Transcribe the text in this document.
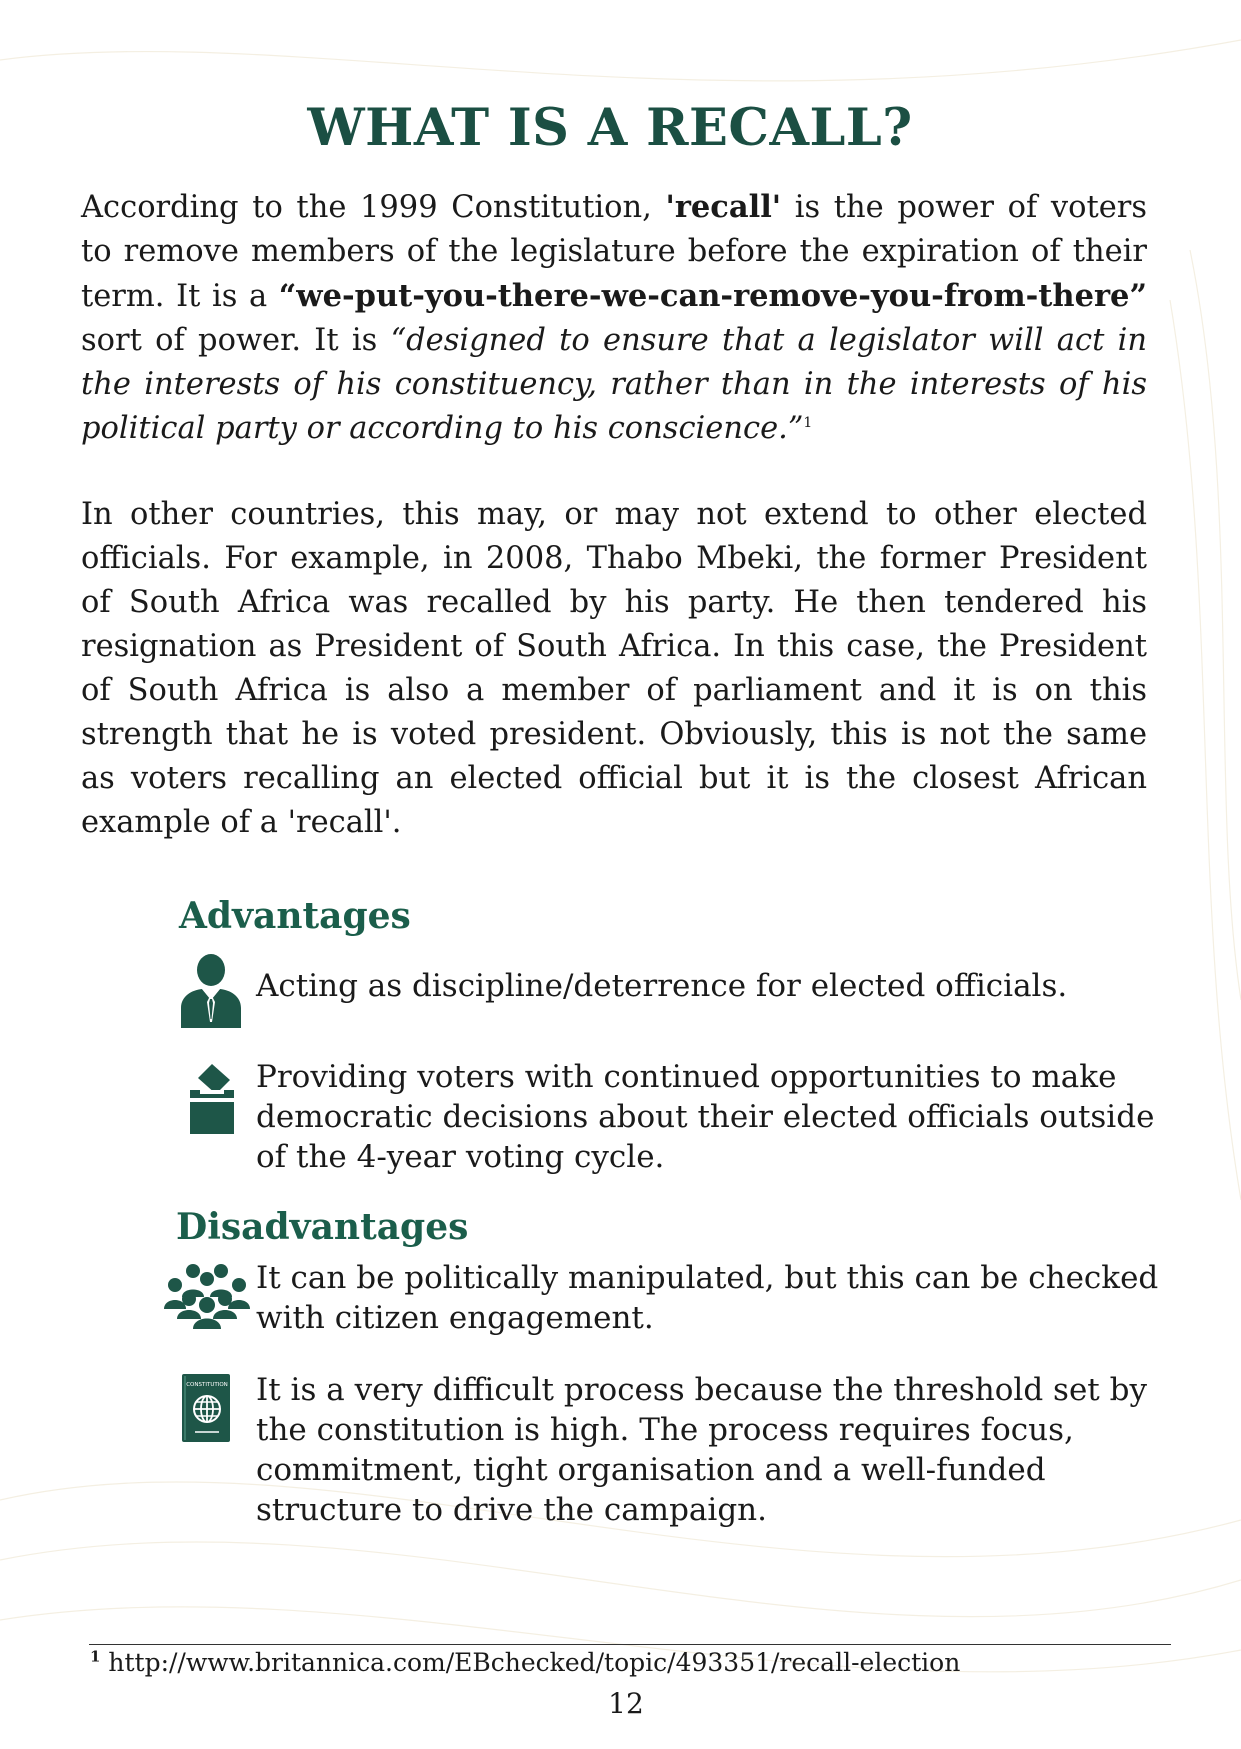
WHAT IS A RECALL?

According to the 1999 Constitution, 'recall' is the power of voters to remove members of the legislature before the expiration of their term. It is a “we-put-you-there-we-can-remove-you-from-there” sort of power. It is “designed to ensure that a legislator will act in the interests of his constituency, rather than in the interests of his political party or according to his conscience.”$^1$

In other countries, this may, or may not extend to other elected officials. For example, in 2008, Thabo Mbeki, the former President of South Africa was recalled by his party. He then tendered his resignation as President of South Africa. In this case, the President of South Africa is also a member of parliament and it is on this strength that he is voted president. Obviously, this is not the same as voters recalling an elected official but it is the closest African example of a 'recall'.

Advantages

Acting as discipline/deterrence for elected officials.

Providing voters with continued opportunities to make democratic decisions about their elected officials outside of the 4-year voting cycle.

Disadvantages

It can be politically manipulated, but this can be checked with citizen engagement.

CONSTITUTION It is a very difficult process because the threshold set by the constitution is high. The process requires focus, commitment, tight organisation and a well-funded structure to drive the campaign.

$^1$ http://www.britannica.com/EBchecked/topic/493351/recall-election

12
